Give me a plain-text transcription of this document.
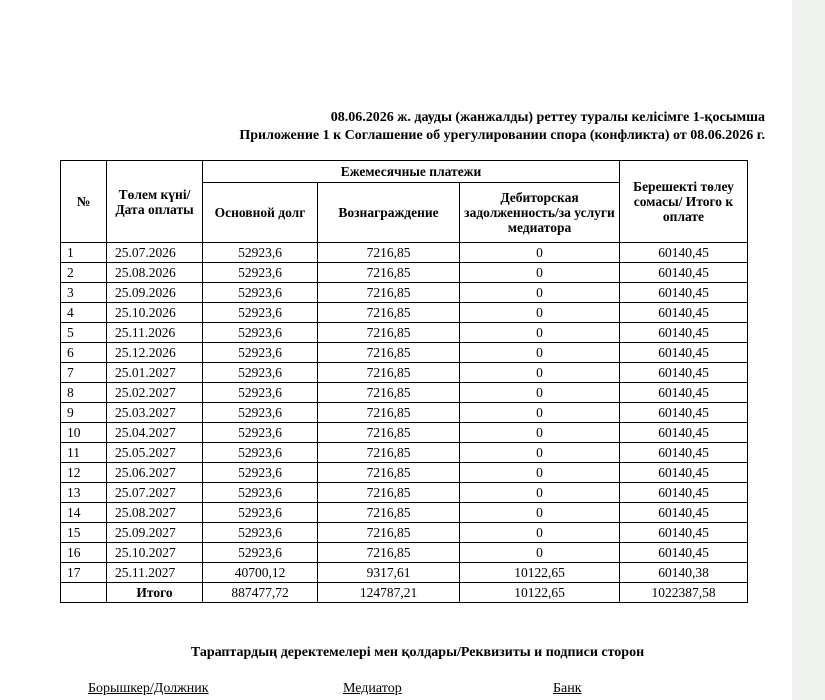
08.06.2026 ж. дауды (жанжалды) реттеу туралы келісімге 1-қосымша
Приложение 1 к Соглашение об урегулировании спора (конфликта) от 08.06.2026 г.
№	Төлем күні/ Дата оплаты	Ежемесячные платежи			Берешекті төлеу сомасы/ Итого к оплате
		Основной долг	Вознаграждение	Дебиторская задолженность/за услуги медиатора	
1	25.07.2026	52923,6	7216,85	0	60140,45
2	25.08.2026	52923,6	7216,85	0	60140,45
3	25.09.2026	52923,6	7216,85	0	60140,45
4	25.10.2026	52923,6	7216,85	0	60140,45
5	25.11.2026	52923,6	7216,85	0	60140,45
6	25.12.2026	52923,6	7216,85	0	60140,45
7	25.01.2027	52923,6	7216,85	0	60140,45
8	25.02.2027	52923,6	7216,85	0	60140,45
9	25.03.2027	52923,6	7216,85	0	60140,45
10	25.04.2027	52923,6	7216,85	0	60140,45
11	25.05.2027	52923,6	7216,85	0	60140,45
12	25.06.2027	52923,6	7216,85	0	60140,45
13	25.07.2027	52923,6	7216,85	0	60140,45
14	25.08.2027	52923,6	7216,85	0	60140,45
15	25.09.2027	52923,6	7216,85	0	60140,45
16	25.10.2027	52923,6	7216,85	0	60140,45
17	25.11.2027	40700,12	9317,61	10122,65	60140,38
	Итого	887477,72	124787,21	10122,65	1022387,58
Тараптардың деректемелері мен қолдары/Реквизиты и подписи сторон
Борышкер/Должник	Медиатор	Банк
